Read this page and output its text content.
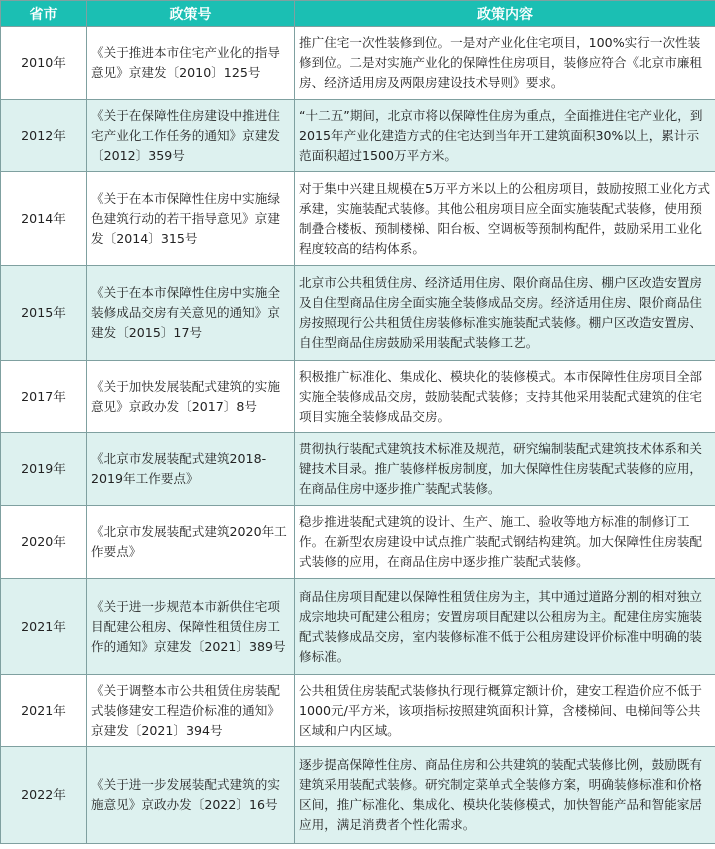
省市	政策号	政策内容
2010年	《关于推进本市住宅产业化的指导意见》京建发〔2010〕125号	推广住宅一次性装修到位。一是对产业化住宅项目，100%实行一次性装修到位。二是对实施产业化的保障性住房项目，装修应符合《北京市廉租房、经济适用房及两限房建设技术导则》要求。
2012年	《关于在保障性住房建设中推进住宅产业化工作任务的通知》京建发〔2012〕359号	“十二五”期间，北京市将以保障性住房为重点，全面推进住宅产业化，到2015年产业化建造方式的住宅达到当年开工建筑面积30%以上，累计示范面积超过1500万平方米。
2014年	《关于在本市保障性住房中实施绿色建筑行动的若干指导意见》京建发〔2014〕315号	对于集中兴建且规模在5万平方米以上的公租房项目，鼓励按照工业化方式承建，实施装配式装修。其他公租房项目应全面实施装配式装修，使用预制叠合楼板、预制楼梯、阳台板、空调板等预制构配件，鼓励采用工业化程度较高的结构体系。
2015年	《关于在本市保障性住房中实施全装修成品交房有关意见的通知》京建发〔2015〕17号	北京市公共租赁住房、经济适用住房、限价商品住房、棚户区改造安置房及自住型商品住房全面实施全装修成品交房。经济适用住房、限价商品住房按照现行公共租赁住房装修标准实施装配式装修。棚户区改造安置房、自住型商品住房鼓励采用装配式装修工艺。
2017年	《关于加快发展装配式建筑的实施意见》京政办发〔2017〕8号	积极推广标准化、集成化、模块化的装修模式。本市保障性住房项目全部实施全装修成品交房，鼓励装配式装修；支持其他采用装配式建筑的住宅项目实施全装修成品交房。
2019年	《北京市发展装配式建筑2018-2019年工作要点》	贯彻执行装配式建筑技术标准及规范，研究编制装配式建筑技术体系和关键技术目录。推广装修样板房制度，加大保障性住房装配式装修的应用，在商品住房中逐步推广装配式装修。
2020年	《北京市发展装配式建筑2020年工作要点》	稳步推进装配式建筑的设计、生产、施工、验收等地方标准的制修订工作。在新型农房建设中试点推广装配式钢结构建筑。加大保障性住房装配式装修的应用，在商品住房中逐步推广装配式装修。
2021年	《关于进一步规范本市新供住宅项目配建公租房、保障性租赁住房工作的通知》京建发〔2021〕389号	商品住房项目配建以保障性租赁住房为主，其中通过道路分割的相对独立成宗地块可配建公租房；安置房项目配建以公租房为主。配建住房实施装配式装修成品交房，室内装修标准不低于公租房建设评价标准中明确的装修标准。
2021年	《关于调整本市公共租赁住房装配式装修建安工程造价标准的通知》京建发〔2021〕394号	公共租赁住房装配式装修执行现行概算定额计价，建安工程造价应不低于1000元/平方米，该项指标按照建筑面积计算，含楼梯间、电梯间等公共区域和户内区域。
2022年	《关于进一步发展装配式建筑的实施意见》京政办发〔2022〕16号	逐步提高保障性住房、商品住房和公共建筑的装配式装修比例，鼓励既有建筑采用装配式装修。研究制定菜单式全装修方案，明确装修标准和价格区间，推广标准化、集成化、模块化装修模式，加快智能产品和智能家居应用，满足消费者个性化需求。
